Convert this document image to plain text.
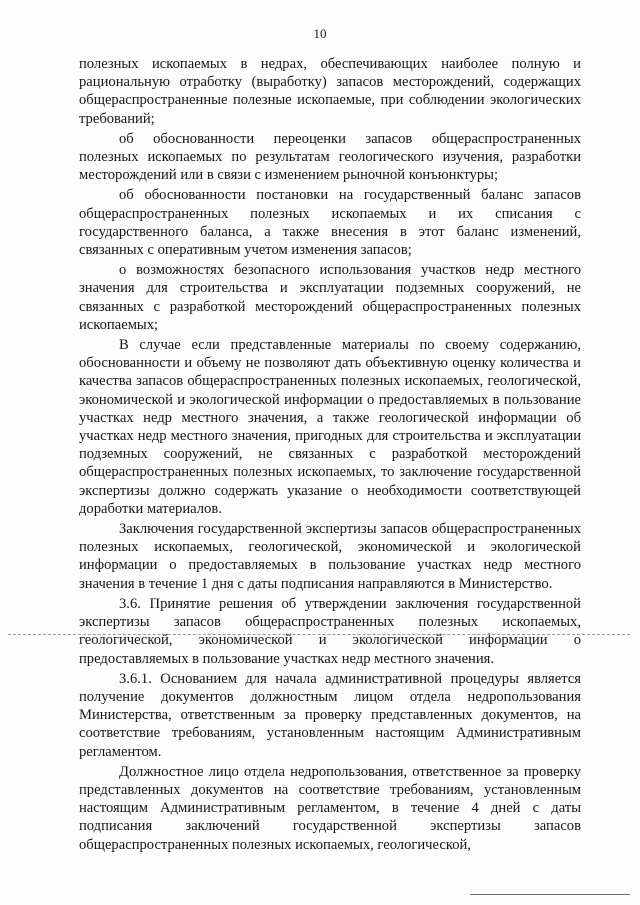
10

полезных ископаемых в недрах, обеспечивающих наиболее полную и рациональную отработку (выработку) запасов месторождений, содержащих общераспространенные полезные ископаемые, при соблюдении экологических требований;

об обоснованности переоценки запасов общераспространенных полезных ископаемых по результатам геологического изучения, разработки месторождений или в связи с изменением рыночной конъюнктуры;

об обоснованности постановки на государственный баланс запасов общераспространенных полезных ископаемых и их списания с государственного баланса, а также внесения в этот баланс изменений, связанных с оперативным учетом изменения запасов;

о возможностях безопасного использования участков недр местного значения для строительства и эксплуатации подземных сооружений, не связанных с разработкой месторождений общераспространенных полезных ископаемых;

В случае если представленные материалы по своему содержанию, обоснованности и объему не позволяют дать объективную оценку количества и качества запасов общераспространенных полезных ископаемых, геологической, экономической и экологической информации о предоставляемых в пользование участках недр местного значения, а также геологической информации об участках недр местного значения, пригодных для строительства и эксплуатации подземных сооружений, не связанных с разработкой месторождений общераспространенных полезных ископаемых, то заключение государственной экспертизы должно содержать указание о необходимости соответствующей доработки материалов.

Заключения государственной экспертизы запасов общераспространенных полезных ископаемых, геологической, экономической и экологической информации о предоставляемых в пользование участках недр местного значения в течение 1 дня с даты подписания направляются в Министерство.

3.6. Принятие решения об утверждении заключения государственной экспертизы запасов общераспространенных полезных ископаемых, геологической, экономической и экологической информации о предоставляемых в пользование участках недр местного значения.

3.6.1. Основанием для начала административной процедуры является получение документов должностным лицом отдела недропользования Министерства, ответственным за проверку представленных документов, на соответствие требованиям, установленным настоящим Административным регламентом.

Должностное лицо отдела недропользования, ответственное за проверку представленных документов на соответствие требованиям, установленным настоящим Административным регламентом, в течение 4 дней с даты подписания заключений государственной экспертизы запасов общераспространенных полезных ископаемых, геологической,
